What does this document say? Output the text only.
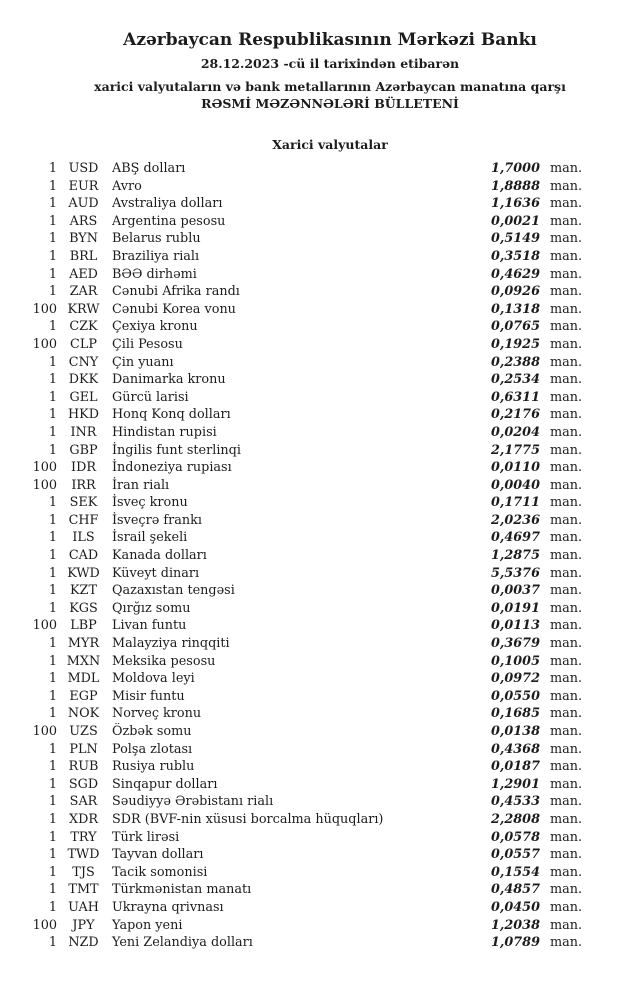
Azərbaycan Respublikasının Mərkəzi Bankı

28.12.2023 -cü il tarixindən etibarən

xarici valyutaların və bank metallarının Azərbaycan manatına qarşı

RƏSMİ MƏZƏNNƏLƏRİ BÜLLETENİ

Xarici valyutalar
1 USD	ABŞ dolları	1,7000 man.
1 EUR	Avro	1,8888 man.
1 AUD	Avstraliya dolları	1,1636 man.
1 ARS	Argentina pesosu	0,0021 man.
1 BYN	Belarus rublu	0,5149 man.
1 BRL	Braziliya rialı	0,3518 man.
1 AED	BƏƏ dirhəmi	0,4629 man.
1 ZAR	Cənubi Afrika randı	0,0926 man.
100 KRW Cənubi Korea vonu	0,1318 man.
1 CZK	Çexiya kronu	0,0765 man.
100	CLP	Çili Pesosu	0,1925 man.
1 CNY	Çin yuanı	0,2388 man.
1 DKK	Danimarka kronu	0,2534 man.
1 GEL	Gürcü larisi	0,6311 man.
1 HKD	Honq Konq dolları	0,2176 man.
1	INR	Hindistan rupisi	0,0204 man.
1 GBP	İngilis funt sterlinqi	2,1775 man.
100	IDR	İndoneziya rupiası	0,0110 man.
100	IRR	İran rialı	0,0040 man.
1 SEK	İsveç kronu	0,1711 man.
1 CHF	İsveçrə frankı	2,0236 man.
1	ILS	İsrail şekeli	0,4697 man.
1 CAD	Kanada dolları	1,2875 man.
1 KWD Küveyt dinarı	5,5376 man.
1	KZT	Qazaxıstan tengəsi	0,0037 man.
1 KGS	Qırğız somu	0,0191 man.
100	LBP	Livan funtu	0,0113 man.
1 MYR	Malayziya rinqqiti	0,3679 man.
1 MXN Meksika pesosu	0,1005 man.
1 MDL Moldova leyi	0,0972 man.
1 EGP	Misir funtu	0,0550 man.
1 NOK	Norveç kronu	0,1685 man.
100 UZS	Özbək somu	0,0138 man.
1 PLN	Polşa zlotası	0,4368 man.
1 RUB	Rusiya rublu	0,0187 man.
1 SGD	Sinqapur dolları	1,2901 man.
1 SAR	Səudiyyə Ərəbistanı rialı	0,4533 man.
1 XDR	SDR (BVF-nin xüsusi borcalma hüquqları)	2,2808 man.
1	TRY	Türk lirəsi	0,0578 man.
1 TWD Tayvan dolları	0,0557 man.
1	TJS	Tacik somonisi	0,1554 man.
1 TMT	Türkmənistan manatı	0,4857 man.
1 UAH	Ukrayna qrivnası	0,0450 man.
100	JPY	Yapon yeni	1,2038 man.
1 NZD	Yeni Zelandiya dolları	1,0789 man.
